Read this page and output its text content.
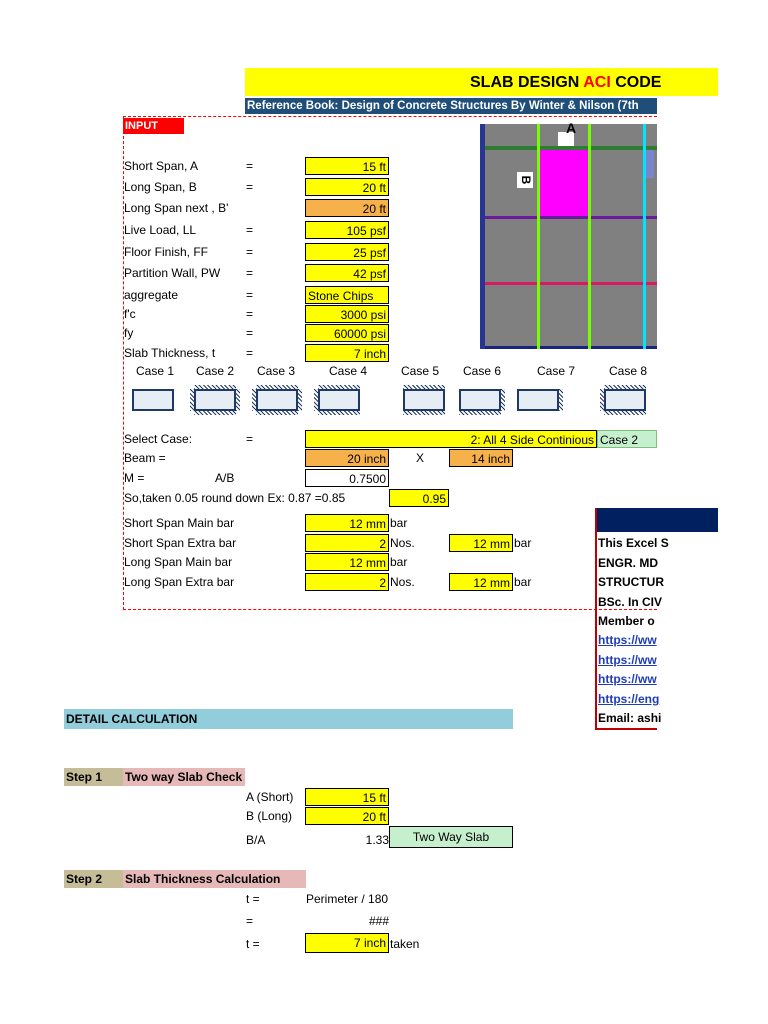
SLAB DESIGN ACI CODE
Reference Book: Design of Concrete Structures By Winter & Nilson (7th
INPUT
Short Span, A	=	15 ft
Long Span, B	=	20 ft
Long Span next , B'	20 ft
Live Load, LL	=	105 psf
Floor Finish, FF	=	25 psf
Partition Wall, PW =	42 psf
aggregate	=	Stone Chips
f'c	=	3000 psi
fy	=	60000 psi
Slab Thickness, t	=	7 inch
A
B
Case 1 Case 2 Case 3	Case 4	Case 5 Case 6	Case 7	Case 8
Select Case:	=	2: All 4 Side Continious Case 2
Beam =	20 inch	X	14 inch
M =	A/B	0.7500
So,taken 0.05 round down Ex: 0.87 =0.85	0.95
Short Span Main bar	12 mm bar
Short Span Extra bar	2 Nos.	12 mm bar
Long Span Main bar	12 mm bar
Long Span Extra bar	2 Nos.	12 mm bar
This Excel S
ENGR. MD
STRUCTUR
BSc. In CIV
Member o
https://ww
https://ww
https://ww
https://eng
Email: ashi
DETAIL CALCULATION
Step 1	Two way Slab Check
A (Short)	15 ft
B (Long)	20 ft
B/A	1.33	Two Way Slab
Step 2	Slab Thickness Calculation
t =	Perimeter / 180
=	###
t =	7 inch taken
